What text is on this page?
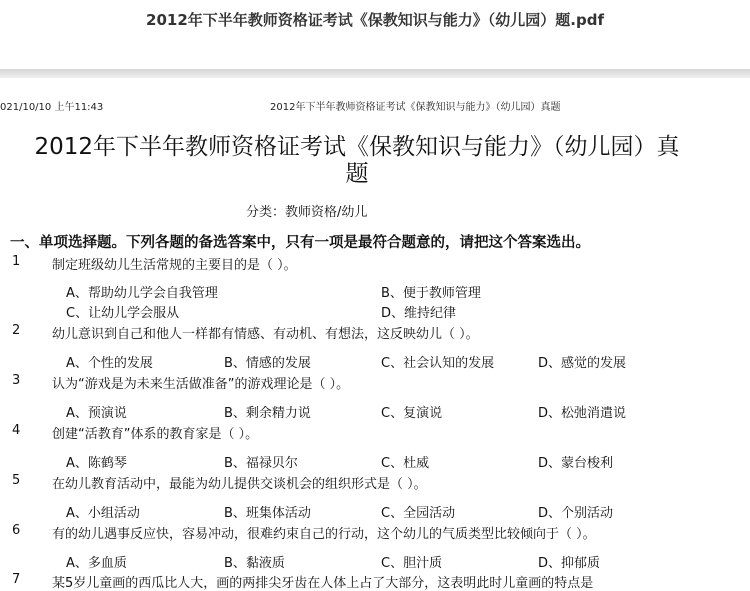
2012年下半年教师资格证考试《保教知识与能力》（幼儿园）题.pdf
021/10/10 上午11:43	2012年下半年教师资格证考试《保教知识与能力》（幼儿园）真题
2012年下半年教师资格证考试《保教知识与能力》（幼儿园）真
题
分类：教师资格/幼儿
一、单项选择题。下列各题的备选答案中，只有一项是最符合题意的，请把这个答案选出。
1 制定班级幼儿生活常规的主要目的是（ ）。
A、帮助幼儿学会自我管理	B、便于教师管理
C、让幼儿学会服从	D、维持纪律
2 幼儿意识到自己和他人一样都有情感、有动机、有想法，这反映幼儿（ ）。
A、个性的发展	B、情感的发展	C、社会认知的发展	D、感觉的发展
3 认为“游戏是为未来生活做准备”的游戏理论是（ ）。
A、预演说	B、剩余精力说	C、复演说	D、松弛消遣说
4 创建“活教育”体系的教育家是（ ）。
A、陈鹤琴	B、福禄贝尔	C、杜威	D、蒙台梭利
5 在幼儿教育活动中，最能为幼儿提供交谈机会的组织形式是（ ）。
A、小组活动	B、班集体活动	C、全园活动	D、个别活动
6 有的幼儿遇事反应快，容易冲动，很难约束自己的行动，这个幼儿的气质类型比较倾向于（ ）。
A、多血质	B、黏液质	C、胆汁质	D、抑郁质
7 某5岁儿童画的西瓜比人大，画的两排尖牙齿在人体上占了大部分，这表明此时儿童画的特点是
